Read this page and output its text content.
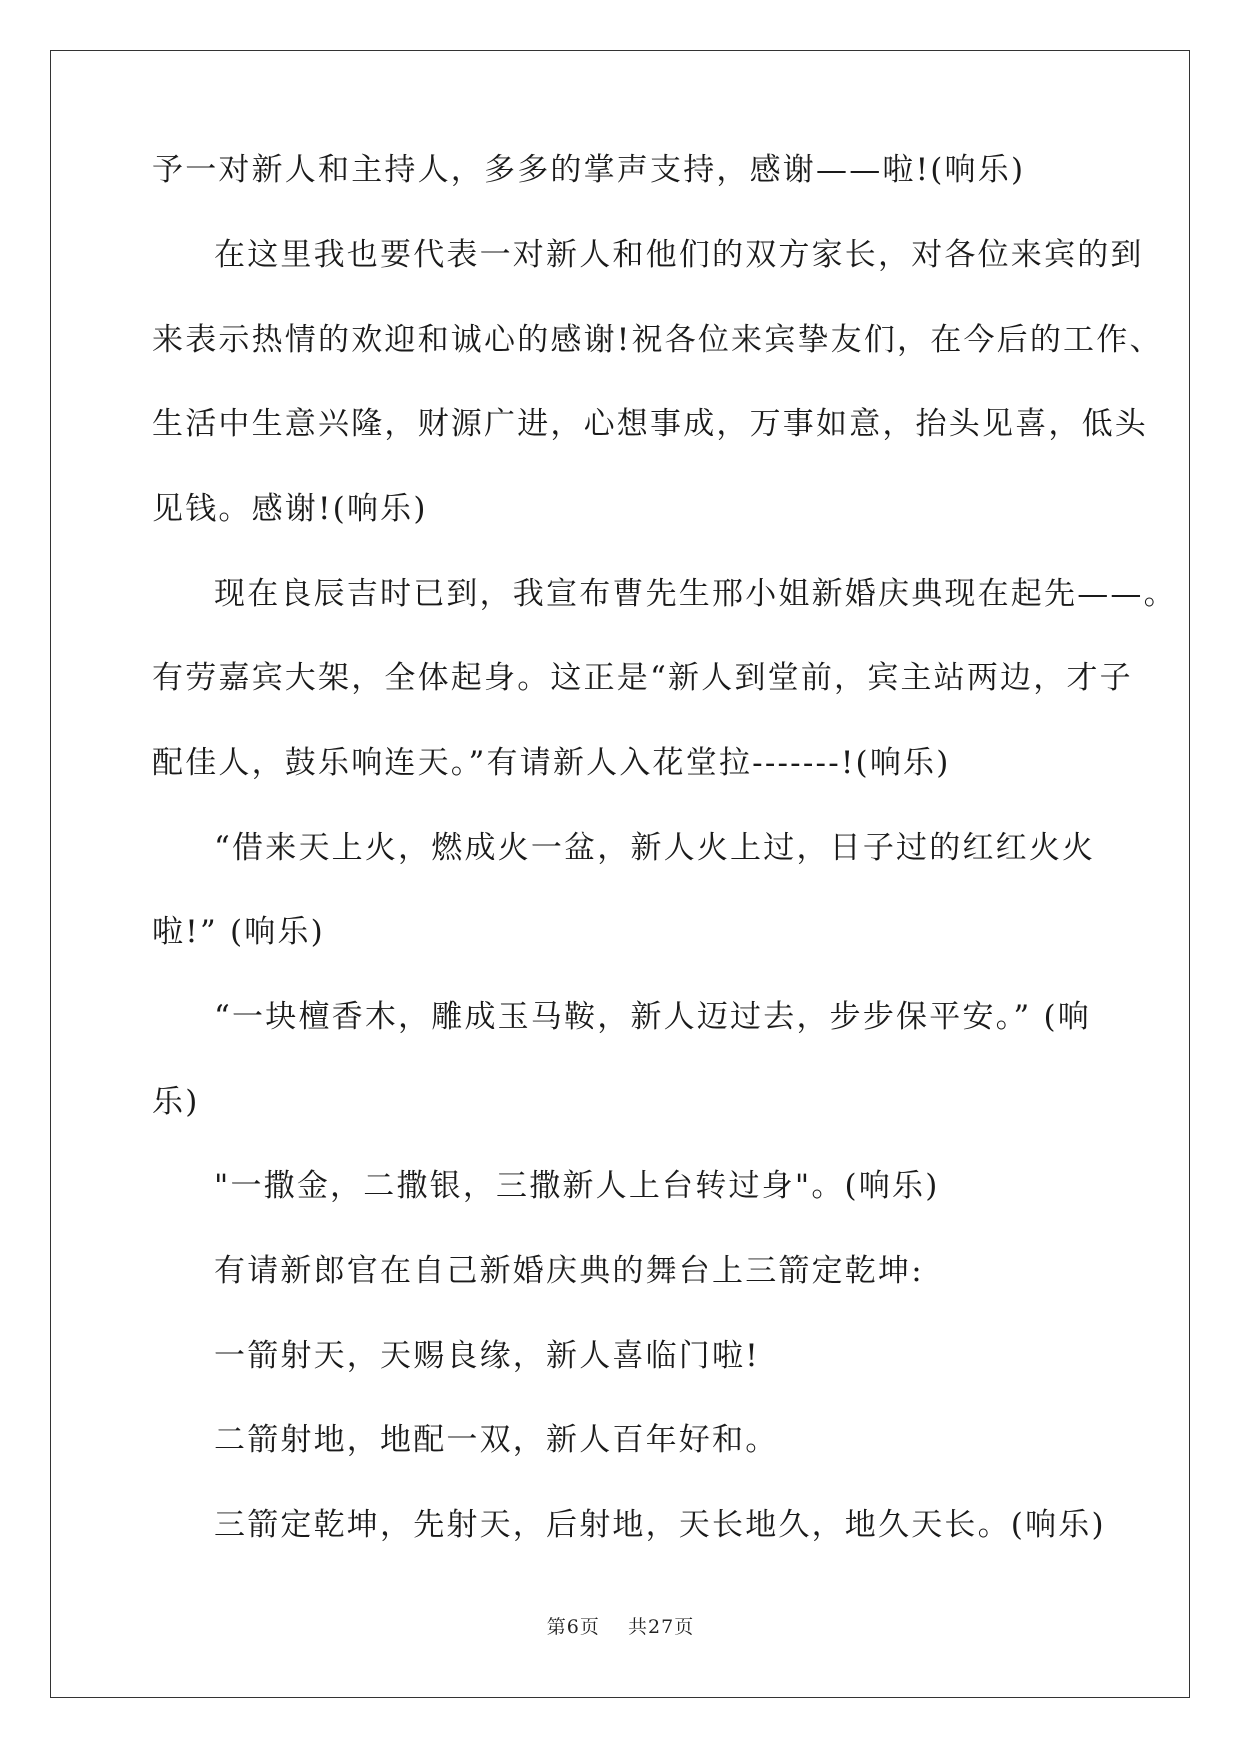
予一对新人和主持人，多多的掌声支持，感谢——啦!(响乐)

在这里我也要代表一对新人和他们的双方家长，对各位来宾的到

来表示热情的欢迎和诚心的感谢!祝各位来宾挚友们，在今后的工作、

生活中生意兴隆，财源广进，心想事成，万事如意，抬头见喜，低头

见钱。感谢!(响乐)

现在良辰吉时已到，我宣布曹先生邢小姐新婚庆典现在起先——。

有劳嘉宾大架，全体起身。这正是“新人到堂前，宾主站两边，才子

配佳人，鼓乐响连天。”有请新人入花堂拉-------!(响乐)

“借来天上火，燃成火一盆，新人火上过，日子过的红红火火

啦!” (响乐)

“一块檀香木，雕成玉马鞍，新人迈过去，步步保平安。” (响

乐)

"一撒金，二撒银，三撒新人上台转过身"。(响乐)

有请新郎官在自己新婚庆典的舞台上三箭定乾坤:

一箭射天，天赐良缘，新人喜临门啦!

二箭射地，地配一双，新人百年好和。

三箭定乾坤，先射天，后射地，天长地久，地久天长。(响乐)

第6页 共27页
